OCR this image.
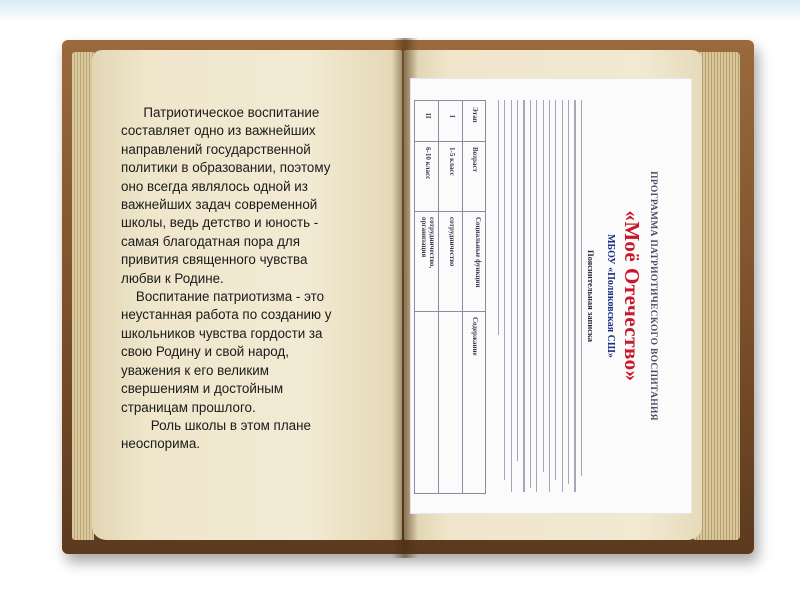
Патриотическое воспитание
составляет одно из важнейших
направлений государственной
политики в образовании, поэтому
оно всегда являлось одной из
важнейших задач современной
школы, ведь детство и юность -
самая благодатная пора для
привития священного чувства
любви к Родине.
Воспитание патриотизма - это
неустанная работа по созданию у
школьников чувства гордости за
свою Родину и свой народ,
уважения к его великим
свершениям и достойным
страницам прошлого.
Роль школы в этом плане
неоспорима.

ПРОГРАММА ПАТРИОТИЧЕСКОГО ВОСПИТАНИЯ
«Моё Отечество»
МБОУ «Поляковская СШ»
Пояснительная записка
Этап
Возраст
Социальные функции
Содержание
I
1-5 класс
сотрудничество
II
6-10 класс
сотрудничество, организация
